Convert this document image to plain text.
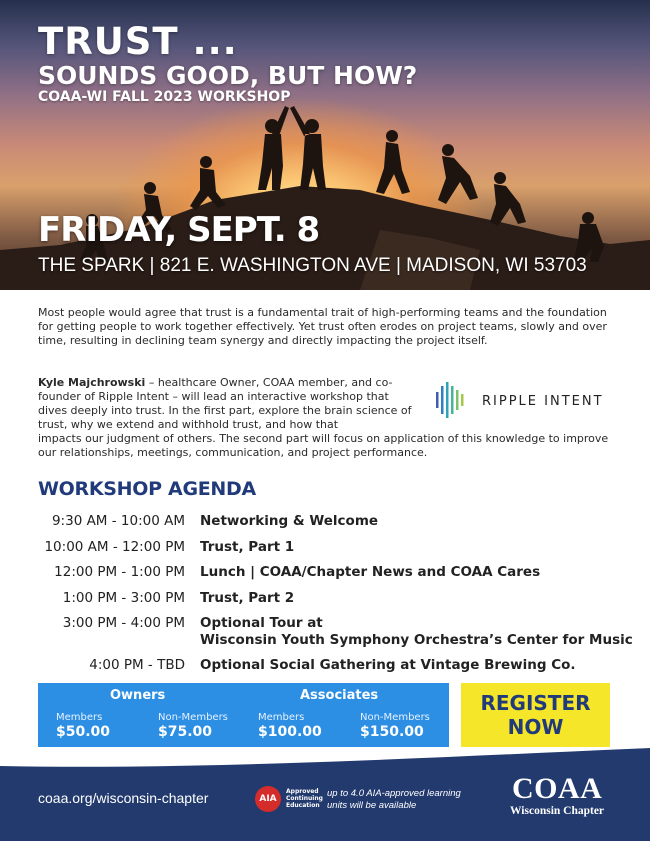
TRUST ...
SOUNDS GOOD, BUT HOW?
COAA-WI FALL 2023 WORKSHOP
FRIDAY, SEPT. 8
THE SPARK | 821 E. WASHINGTON AVE | MADISON, WI 53703

Most people would agree that trust is a fundamental trait of high-performing teams and the foundation for getting people to work together effectively. Yet trust often erodes on project teams, slowly and over time, resulting in declining team synergy and directly impacting the project itself.

Kyle Majchrowski – healthcare Owner, COAA member, and co-founder of Ripple Intent – will lead an interactive workshop that dives deeply into trust. In the first part, explore the brain science of trust, why we extend and withhold trust, and how that

impacts our judgment of others. The second part will focus on application of this knowledge to improve our relationships, meetings, communication, and project performance.

RIPPLE INTENT
WORKSHOP AGENDA
9:30 AM - 10:00 AM Networking & Welcome
10:00 AM - 12:00 PM Trust, Part 1
12:00 PM - 1:00 PM Lunch | COAA/Chapter News and COAA Cares
1:00 PM - 3:00 PM Trust, Part 2
3:00 PM - 4:00 PM Optional Tour at
Wisconsin Youth Symphony Orchestra’s Center for Music
4:00 PM - TBD Optional Social Gathering at Vintage Brewing Co.
Owners	Associates
Members
$50.00
Non-Members
$75.00
Members
$100.00
Non-Members
$150.00
REGISTER
NOW
coaa.org/wisconsin-chapter	AIA
Approved Continuing Education
up to 4.0 AIA-approved learning units will be available
COAA
Wisconsin Chapter
